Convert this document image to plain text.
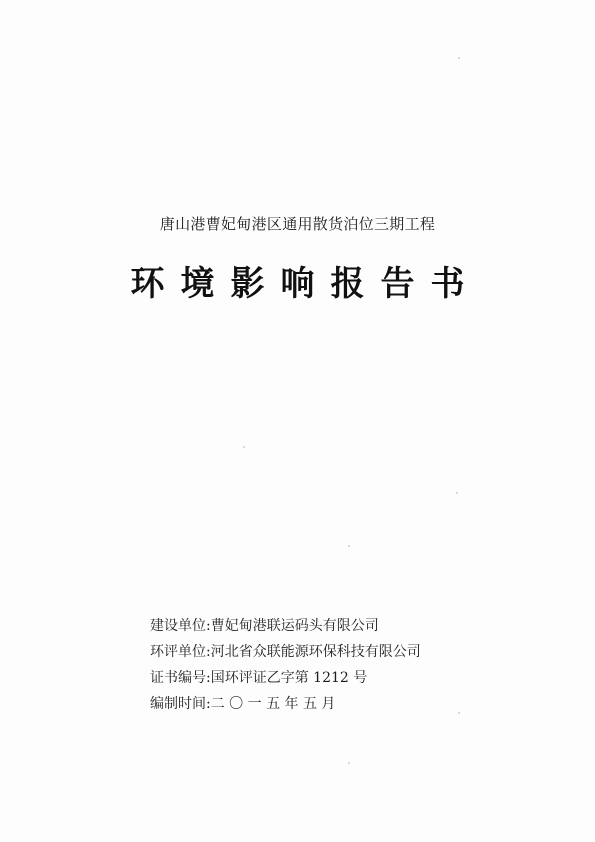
唐山港曹妃甸港区通用散货泊位三期工程
环境影响报告书
建设单位:曹妃甸港联运码头有限公司
环评单位:河北省众联能源环保科技有限公司
证书编号:国环评证乙字第 1212 号
编制时间:二 〇 一 五 年 五 月
